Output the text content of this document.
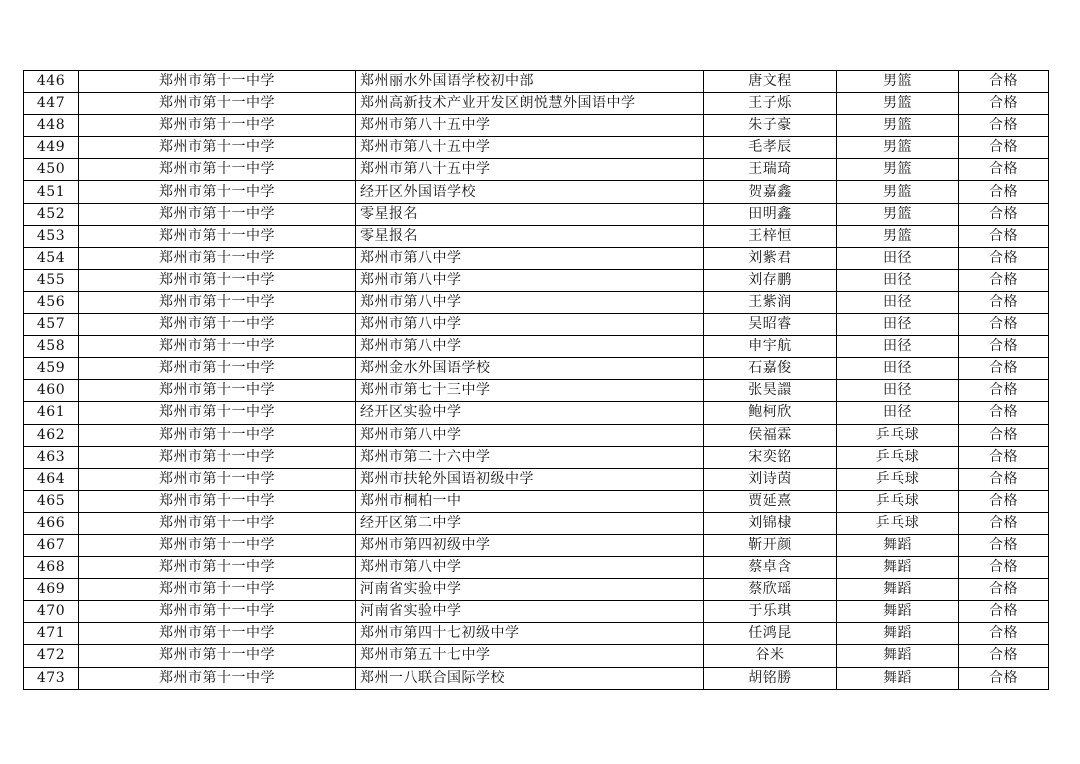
446	郑州市第十一中学	郑州丽水外国语学校初中部	唐文程	男篮	合格
447	郑州市第十一中学	郑州高新技术产业开发区朗悦慧外国语中学	王子烁	男篮	合格
448	郑州市第十一中学	郑州市第八十五中学	朱子豪	男篮	合格
449	郑州市第十一中学	郑州市第八十五中学	毛孝辰	男篮	合格
450	郑州市第十一中学	郑州市第八十五中学	王瑞琦	男篮	合格
451	郑州市第十一中学	经开区外国语学校	贺嘉鑫	男篮	合格
452	郑州市第十一中学	零星报名	田明鑫	男篮	合格
453	郑州市第十一中学	零星报名	王梓恒	男篮	合格
454	郑州市第十一中学	郑州市第八中学	刘紫君	田径	合格
455	郑州市第十一中学	郑州市第八中学	刘存鹏	田径	合格
456	郑州市第十一中学	郑州市第八中学	王紫润	田径	合格
457	郑州市第十一中学	郑州市第八中学	吴昭睿	田径	合格
458	郑州市第十一中学	郑州市第八中学	申宇航	田径	合格
459	郑州市第十一中学	郑州金水外国语学校	石嘉俊	田径	合格
460	郑州市第十一中学	郑州市第七十三中学	张昊譞	田径	合格
461	郑州市第十一中学	经开区实验中学	鲍柯欣	田径	合格
462	郑州市第十一中学	郑州市第八中学	侯福霖	乒乓球	合格
463	郑州市第十一中学	郑州市第二十六中学	宋奕铭	乒乓球	合格
464	郑州市第十一中学	郑州市扶轮外国语初级中学	刘诗茵	乒乓球	合格
465	郑州市第十一中学	郑州市桐柏一中	贾延熹	乒乓球	合格
466	郑州市第十一中学	经开区第二中学	刘锦棣	乒乓球	合格
467	郑州市第十一中学	郑州市第四初级中学	靳开颜	舞蹈	合格
468	郑州市第十一中学	郑州市第八中学	蔡卓含	舞蹈	合格
469	郑州市第十一中学	河南省实验中学	蔡欣瑶	舞蹈	合格
470	郑州市第十一中学	河南省实验中学	于乐琪	舞蹈	合格
471	郑州市第十一中学	郑州市第四十七初级中学	任鸿昆	舞蹈	合格
472	郑州市第十一中学	郑州市第五十七中学	谷米	舞蹈	合格
473	郑州市第十一中学	郑州一八联合国际学校	胡铭勝	舞蹈	合格
